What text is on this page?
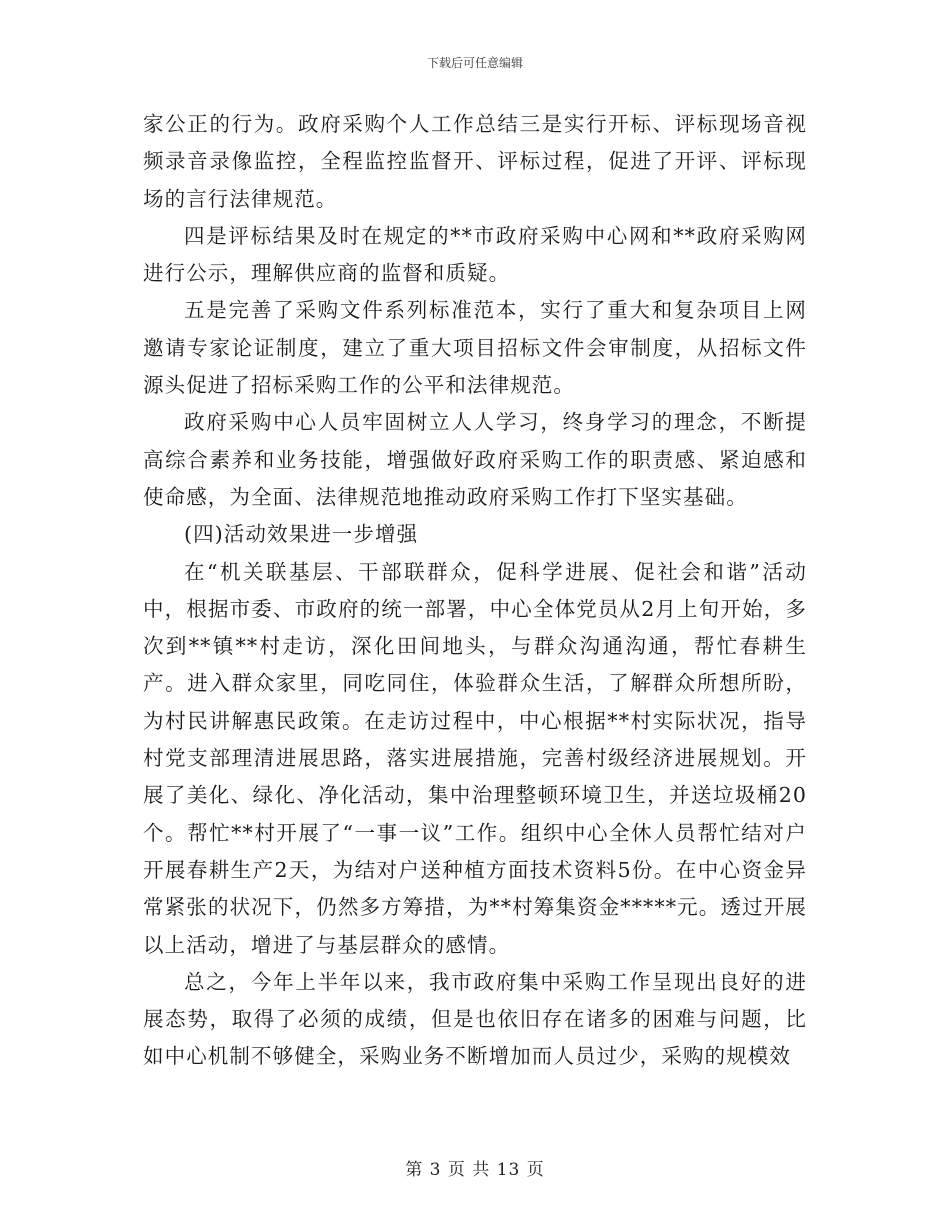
下载后可任意编辑

家公正的行为。政府采购个人工作总结三是实行开标、评标现场音视频录音录像监控，全程监控监督开、评标过程，促进了开评、评标现场的言行法律规范。

四是评标结果及时在规定的**市政府采购中心网和**政府采购网进行公示，理解供应商的监督和质疑。

五是完善了采购文件系列标准范本，实行了重大和复杂项目上网邀请专家论证制度，建立了重大项目招标文件会审制度，从招标文件源头促进了招标采购工作的公平和法律规范。

政府采购中心人员牢固树立人人学习，终身学习的理念，不断提高综合素养和业务技能，增强做好政府采购工作的职责感、紧迫感和使命感，为全面、法律规范地推动政府采购工作打下坚实基础。

(四)活动效果进一步增强

在“机关联基层、干部联群众，促科学进展、促社会和谐”活动中，根据市委、市政府的统一部署，中心全体党员从2月上旬开始，多次到**镇**村走访，深化田间地头，与群众沟通沟通，帮忙春耕生产。进入群众家里，同吃同住，体验群众生活，了解群众所想所盼，为村民讲解惠民政策。在走访过程中，中心根据**村实际状况，指导村党支部理清进展思路，落实进展措施，完善村级经济进展规划。开展了美化、绿化、净化活动，集中治理整顿环境卫生，并送垃圾桶20个。帮忙**村开展了“一事一议”工作。组织中心全休人员帮忙结对户开展春耕生产2天，为结对户送种植方面技术资料5份。在中心资金异常紧张的状况下，仍然多方筹措，为**村筹集资金*****元。透过开展以上活动，增进了与基层群众的感情。

总之，今年上半年以来，我市政府集中采购工作呈现出良好的进展态势，取得了必须的成绩，但是也依旧存在诸多的困难与问题，比如中心机制不够健全，采购业务不断增加而人员过少，采购的规模效

第 3 页 共 13 页
